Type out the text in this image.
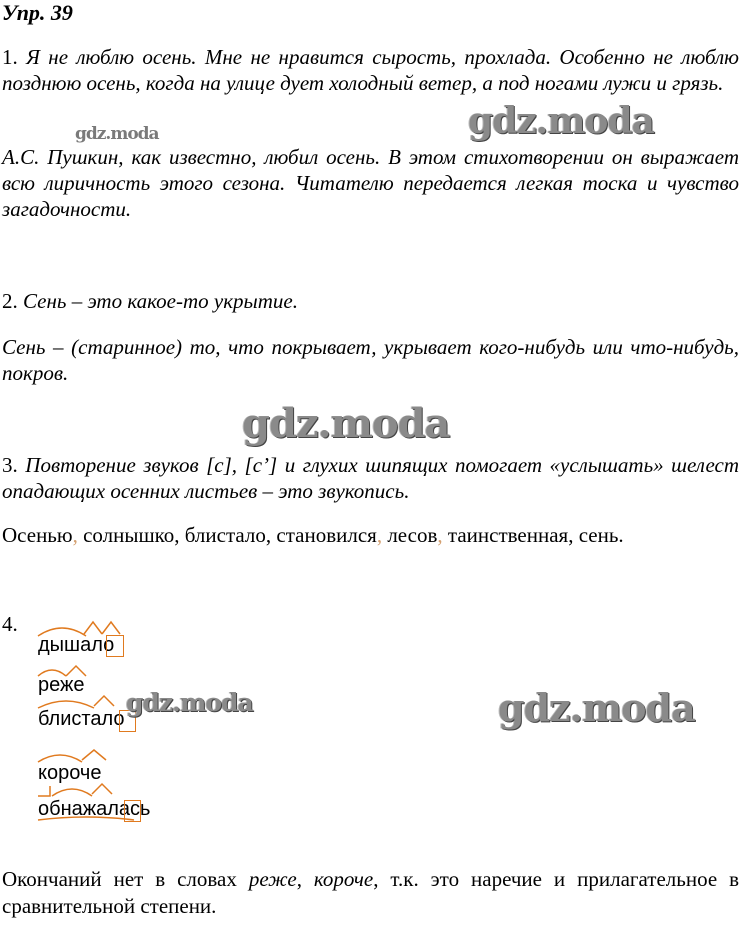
Упр. 39
1. Я не люблю осень. Мне не нравится сырость, прохлада. Особенно не люблю позднюю осень, когда на улице дует холодный ветер, а под ногами лужи и грязь.
gdz.moda	gdz.moda
А.С. Пушкин, как известно, любил осень. В этом стихотворении он выражает всю лиричность этого сезона. Читателю передается легкая тоска и чувство загадочности.
2. Сень – это какое-то укрытие.
Сень – (старинное) то, что покрывает, укрывает кого-нибудь или что-нибудь, покров.
gdz.moda
3. Повторение звуков [с], [с’] и глухих шипящих помогает «услышать» шелест опадающих осенних листьев – это звукопись.
Осенью, солнышко, блистало, становился, лесов, таинственная, сень.
4.
дышало
реже
блистало
gdz.moda	gdz.moda
короче
обнажалась
Окончаний нет в словах реже, короче, т.к. это наречие и прилагательное в сравнительной степени.
